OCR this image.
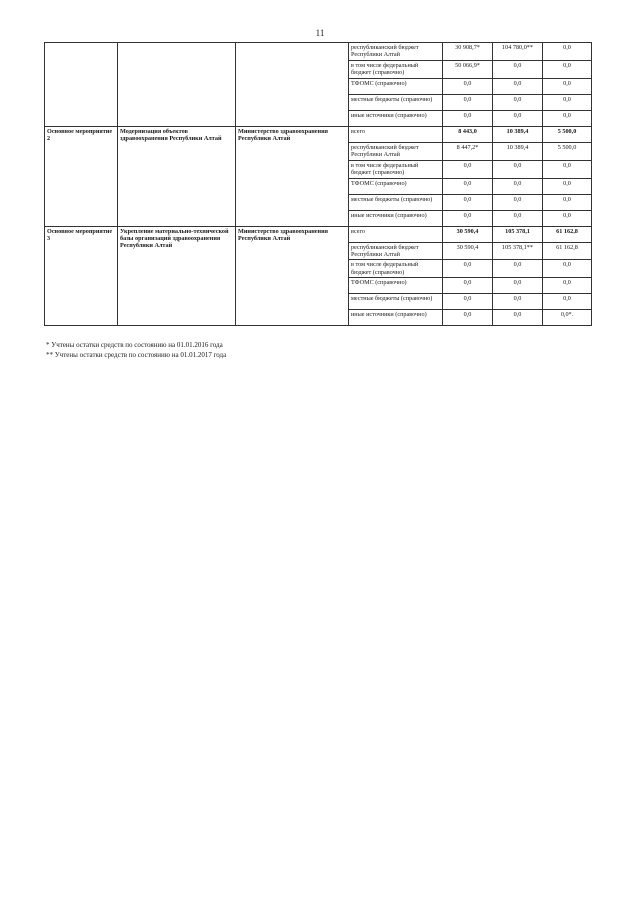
11
			республиканский бюджет Республики Алтай	30 908,7*	104 780,0**	0,0
			в том числе федеральный бюджет (справочно)	50 066,9*	0,0	0,0
			ТФОМС (справочно)	0,0	0,0	0,0
			местные бюджеты (справочно)	0,0	0,0	0,0
			иные источники (справочно)	0,0	0,0	0,0
Основное мероприятие 2	Модернизация объектов здравоохранения Республики Алтай	Министерство здравоохранения Республики Алтай	всего	8 443,0	10 389,4	5 500,0
			республиканский бюджет Республики Алтай	8 447,2*	10 389,4	5 500,0
			в том числе федеральный бюджет (справочно)	0,0	0,0	0,0
			ТФОМС (справочно)	0,0	0,0	0,0
			местные бюджеты (справочно)	0,0	0,0	0,0
			иные источники (справочно)	0,0	0,0	0,0
Основное мероприятие 3	Укрепление материально-технической базы организаций здравоохранения Республики Алтай	Министерство здравоохранения Республики Алтай	всего	30 590,4	105 378,1	61 162,8
			республиканский бюджет Республики Алтай	30 590,4	105 378,1**	61 162,8
			в том числе федеральный бюджет (справочно)	0,0	0,0	0,0
			ТФОМС (справочно)	0,0	0,0	0,0
			местные бюджеты (справочно)	0,0	0,0	0,0
			иные источники (справочно)	0,0	0,0	0,0*.
* Учтены остатки средств по состоянию на 01.01.2016 года
** Учтены остатки средств по состоянию на 01.01.2017 года
